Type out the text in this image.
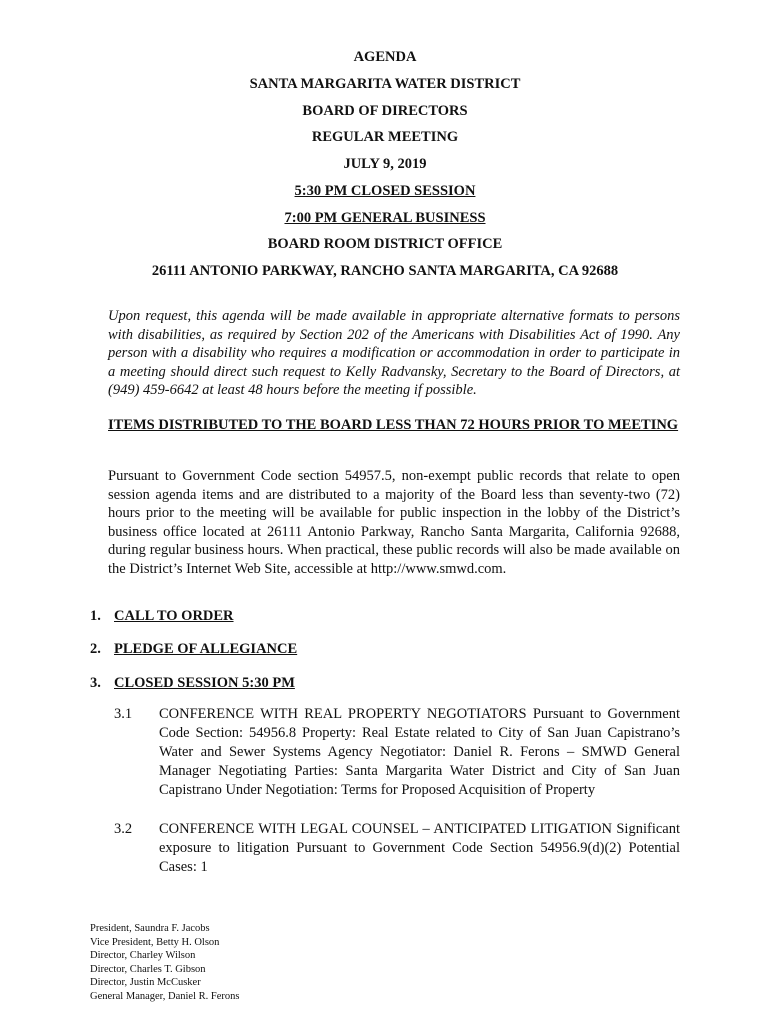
AGENDA
SANTA MARGARITA WATER DISTRICT
BOARD OF DIRECTORS
REGULAR MEETING
JULY 9, 2019
5:30 PM CLOSED SESSION
7:00 PM GENERAL BUSINESS
BOARD ROOM DISTRICT OFFICE
26111 ANTONIO PARKWAY, RANCHO SANTA MARGARITA, CA 92688

Upon request, this agenda will be made available in appropriate alternative formats to persons with disabilities, as required by Section 202 of the Americans with Disabilities Act of 1990. Any person with a disability who requires a modification or accommodation in order to participate in a meeting should direct such request to Kelly Radvansky, Secretary to the Board of Directors, at (949) 459-6642 at least 48 hours before the meeting if possible.

ITEMS DISTRIBUTED TO THE BOARD LESS THAN 72 HOURS PRIOR TO MEETING

Pursuant to Government Code section 54957.5, non-exempt public records that relate to open session agenda items and are distributed to a majority of the Board less than seventy-two (72) hours prior to the meeting will be available for public inspection in the lobby of the District’s business office located at 26111 Antonio Parkway, Rancho Santa Margarita, California 92688, during regular business hours. When practical, these public records will also be made available on the District’s Internet Web Site, accessible at http://www.smwd.com.

1. CALL TO ORDER
2. PLEDGE OF ALLEGIANCE
3. CLOSED SESSION 5:30 PM
3.1	CONFERENCE WITH REAL PROPERTY NEGOTIATORS Pursuant to Government Code Section: 54956.8 Property: Real Estate related to City of San Juan Capistrano’s Water and Sewer Systems Agency Negotiator: Daniel R. Ferons – SMWD General Manager Negotiating Parties: Santa Margarita Water District and City of San Juan Capistrano Under Negotiation: Terms for Proposed Acquisition of Property
3.2	CONFERENCE WITH LEGAL COUNSEL – ANTICIPATED LITIGATION Significant exposure to litigation Pursuant to Government Code Section 54956.9(d)(2) Potential Cases: 1
President, Saundra F. Jacobs
Vice President, Betty H. Olson
Director, Charley Wilson
Director, Charles T. Gibson
Director, Justin McCusker
General Manager, Daniel R. Ferons
